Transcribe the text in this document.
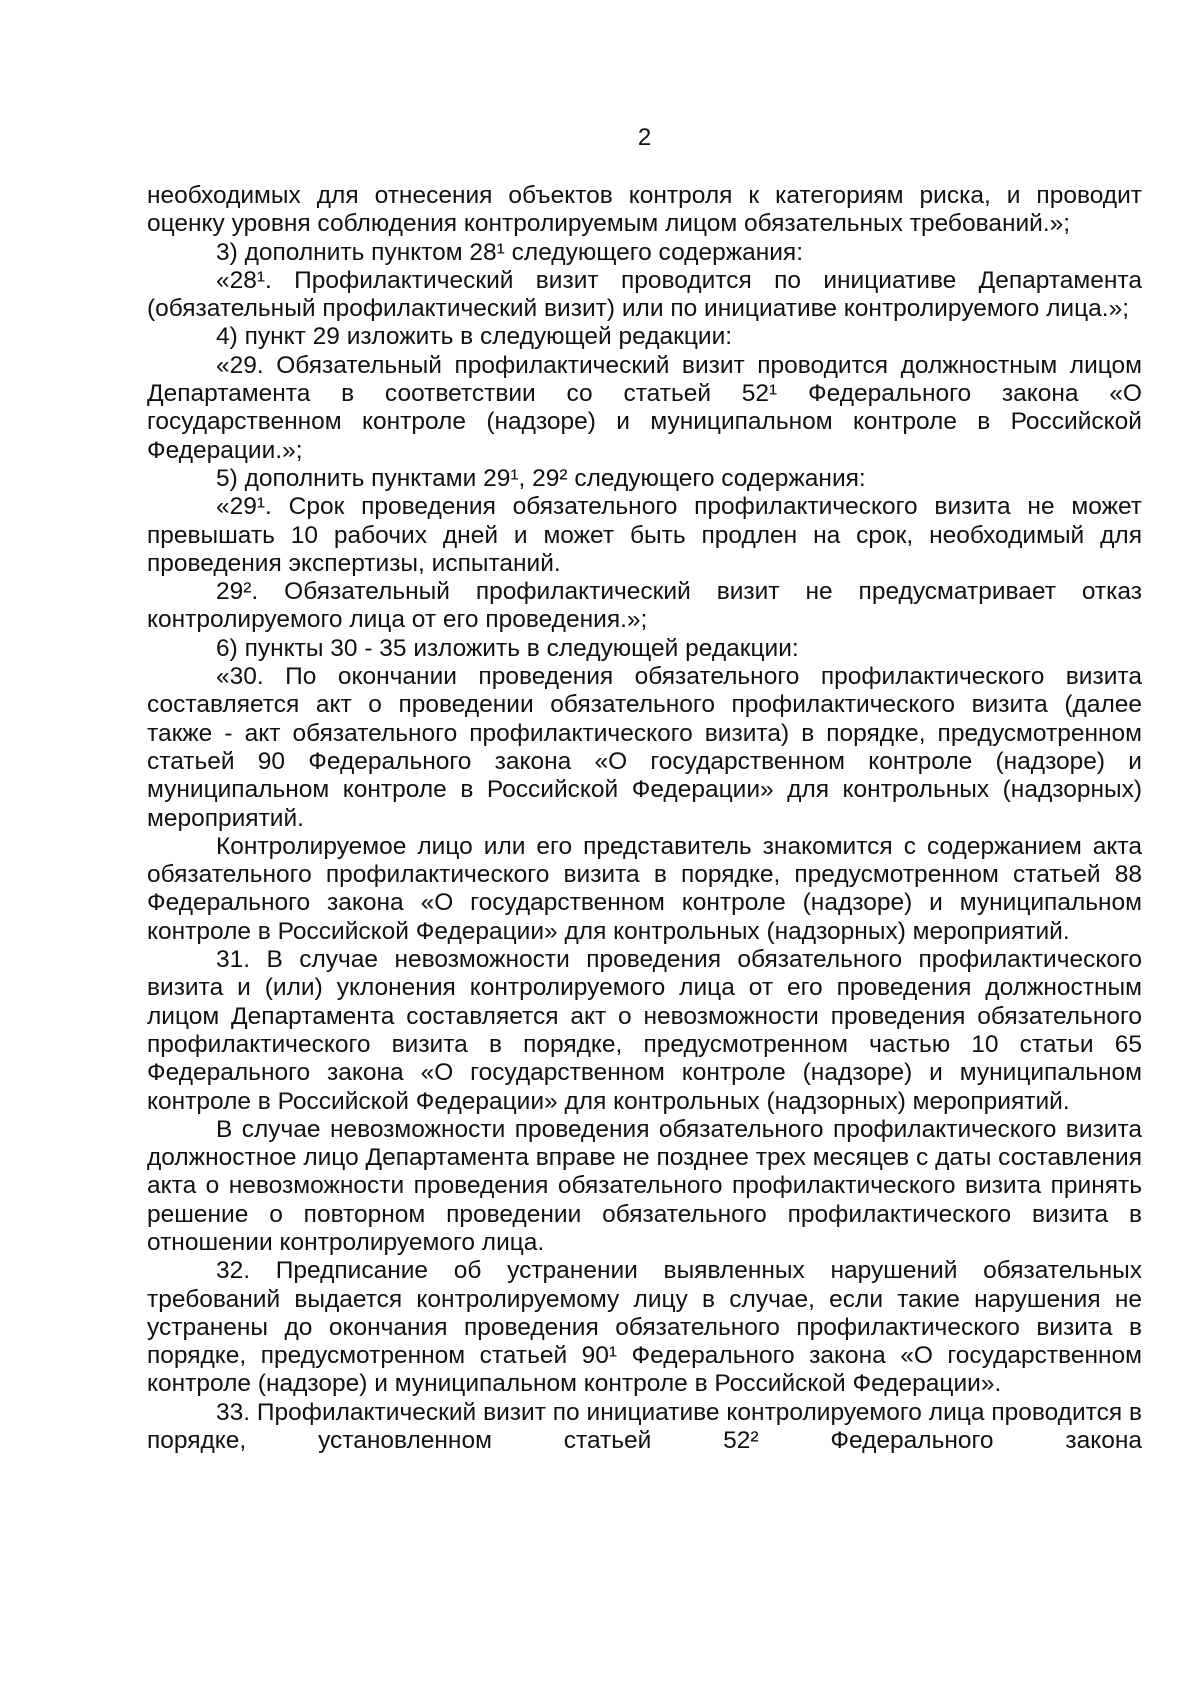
2

необходимых для отнесения объектов контроля к категориям риска, и проводит оценку уровня соблюдения контролируемым лицом обязательных требований.»;

3) дополнить пунктом 28¹ следующего содержания:

«28¹. Профилактический визит проводится по инициативе Департамента (обязательный профилактический визит) или по инициативе контролируемого лица.»;

4) пункт 29 изложить в следующей редакции:

«29. Обязательный профилактический визит проводится должностным лицом Департамента в соответствии со статьей 52¹ Федерального закона «О государственном контроле (надзоре) и муниципальном контроле в Российской Федерации.»;

5) дополнить пунктами 29¹, 29² следующего содержания:

«29¹. Срок проведения обязательного профилактического визита не может превышать 10 рабочих дней и может быть продлен на срок, необходимый для проведения экспертизы, испытаний.

29². Обязательный профилактический визит не предусматривает отказ контролируемого лица от его проведения.»;

6) пункты 30 - 35 изложить в следующей редакции:

«30. По окончании проведения обязательного профилактического визита составляется акт о проведении обязательного профилактического визита (далее также - акт обязательного профилактического визита) в порядке, предусмотренном статьей 90 Федерального закона «О государственном контроле (надзоре) и муниципальном контроле в Российской Федерации» для контрольных (надзорных) мероприятий.

Контролируемое лицо или его представитель знакомится с содержанием акта обязательного профилактического визита в порядке, предусмотренном статьей 88 Федерального закона «О государственном контроле (надзоре) и муниципальном контроле в Российской Федерации» для контрольных (надзорных) мероприятий.

31. В случае невозможности проведения обязательного профилактического визита и (или) уклонения контролируемого лица от его проведения должностным лицом Департамента составляется акт о невозможности проведения обязательного профилактического визита в порядке, предусмотренном частью 10 статьи 65 Федерального закона «О государственном контроле (надзоре) и муниципальном контроле в Российской Федерации» для контрольных (надзорных) мероприятий.

В случае невозможности проведения обязательного профилактического визита должностное лицо Департамента вправе не позднее трех месяцев с даты составления акта о невозможности проведения обязательного профилактического визита принять решение о повторном проведении обязательного профилактического визита в отношении контролируемого лица.

32. Предписание об устранении выявленных нарушений обязательных требований выдается контролируемому лицу в случае, если такие нарушения не устранены до окончания проведения обязательного профилактического визита в порядке, предусмотренном статьей 90¹ Федерального закона «О государственном контроле (надзоре) и муниципальном контроле в Российской Федерации».

33. Профилактический визит по инициативе контролируемого лица проводится в порядке, установленном статьей 52² Федерального закона
